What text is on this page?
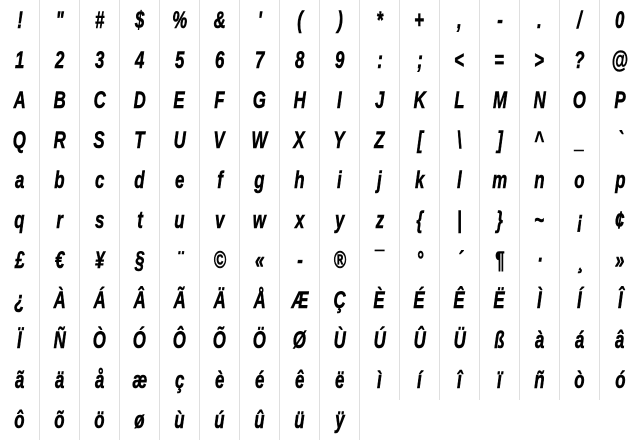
!	"	#	$	%	&	'	(	)	*	+	,	-	.	/	0
1	2	3	4	5	6	7	8	9	:	;	<	=	>	?	@
A	B	C	D	E	F	G	H	I	J	K	L	M	N	O	P
Q	R	S	T	U	V	W	X	Y	Z	[	\	]	^	_	`
a	b	c	d	e	f	g	h	i	j	k	l	m	n	o	p
q	r	s	t	u	v	w	x	y	z	{	|	}	~	¡	¢
£	€	¥	§	¨	©	«	-	®	¯	°	´	¶	·	¸	»
¿	À	Á	Â	Ã	Ä	Å	Æ	Ç	È	É	Ê	Ë	Ì	Í	Î
Ï	Ñ	Ò	Ó	Ô	Õ	Ö	Ø	Ù	Ú	Û	Ü	ß	à	á	â
ã	ä	å	æ	ç	è	é	ê	ë	ì	í	î	ï	ñ	ò	ó
ô	õ	ö	ø	ù	ú	û	ü	ÿ
